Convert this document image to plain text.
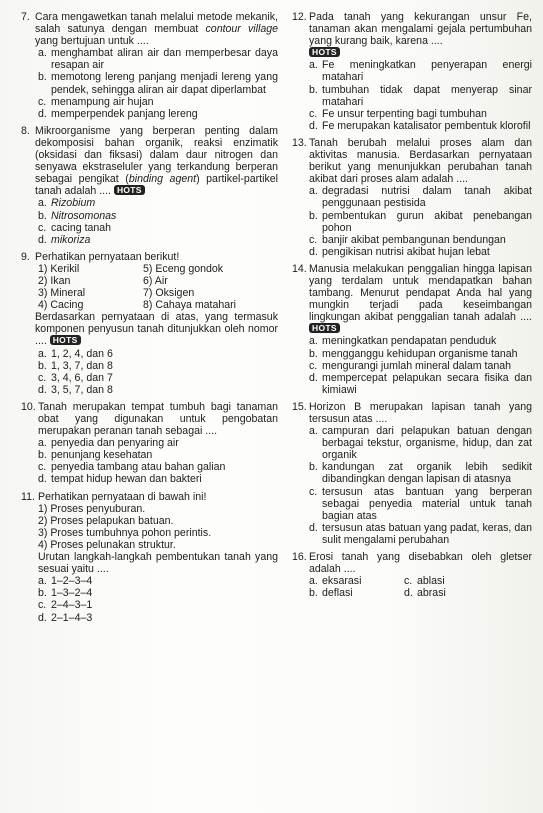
7. Cara mengawetkan tanah melalui metode mekanik, salah satunya dengan membuat contour village yang bertujuan untuk ....
a. menghambat aliran air dan memperbesar daya resapan air
b. memotong lereng panjang menjadi lereng yang pendek, sehingga aliran air dapat diperlambat
c. menampung air hujan
d. memperpendek panjang lereng
8. Mikroorganisme yang berperan penting dalam dekomposisi bahan organik, reaksi enzimatik (oksidasi dan fiksasi) dalam daur nitrogen dan senyawa ekstraseluler yang terkandung berperan sebagai pengikat (binding agent) partikel-partikel tanah adalah .... HOTS
a. Rizobium
b. Nitrosomonas
c. cacing tanah
d. mikoriza
9. Perhatikan pernyataan berikut!
1) Kerikil	5) Eceng gondok
2) Ikan	6) Air
3) Mineral	7) Oksigen
4) Cacing	8) Cahaya matahari
Berdasarkan pernyataan di atas, yang termasuk komponen penyusun tanah ditunjukkan oleh nomor .... HOTS
a. 1, 2, 4, dan 6
b. 1, 3, 7, dan 8
c. 3, 4, 6, dan 7
d. 3, 5, 7, dan 8
10. Tanah merupakan tempat tumbuh bagi tanaman obat yang digunakan untuk pengobatan merupakan peranan tanah sebagai ....
a. penyedia dan penyaring air
b. penunjang kesehatan
c. penyedia tambang atau bahan galian
d. tempat hidup hewan dan bakteri
11. Perhatikan pernyataan di bawah ini!
1) Proses penyuburan.
2) Proses pelapukan batuan.
3) Proses tumbuhnya pohon perintis.
4) Proses pelunakan struktur.
Urutan langkah-langkah pembentukan tanah yang sesuai yaitu ....
a. 1–2–3–4
b. 1–3–2–4
c. 2–4–3–1
d. 2–1–4–3
12. Pada tanah yang kekurangan unsur Fe, tanaman akan mengalami gejala pertumbuhan yang kurang baik, karena ....
HOTS
a. Fe meningkatkan penyerapan energi matahari
b. tumbuhan tidak dapat menyerap sinar matahari
c. Fe unsur terpenting bagi tumbuhan
d. Fe merupakan katalisator pembentuk klorofil
13. Tanah berubah melalui proses alam dan aktivitas manusia. Berdasarkan pernyataan berikut yang menunjukkan perubahan tanah akibat dari proses alam adalah ....
a. degradasi nutrisi dalam tanah akibat penggunaan pestisida
b. pembentukan gurun akibat penebangan pohon
c. banjir akibat pembangunan bendungan
d. pengikisan nutrisi akibat hujan lebat
14. Manusia melakukan penggalian hingga lapisan yang terdalam untuk mendapatkan bahan tambang. Menurut pendapat Anda hal yang mungkin terjadi pada keseimbangan lingkungan akibat penggalian tanah adalah .... HOTS
a. meningkatkan pendapatan penduduk
b. mengganggu kehidupan organisme tanah
c. mengurangi jumlah mineral dalam tanah
d. mempercepat pelapukan secara fisika dan kimiawi
15. Horizon B merupakan lapisan tanah yang tersusun atas ....
a. campuran dari pelapukan batuan dengan berbagai tekstur, organisme, hidup, dan zat organik
b. kandungan zat organik lebih sedikit dibandingkan dengan lapisan di atasnya
c. tersusun atas bantuan yang berperan sebagai penyedia material untuk tanah bagian atas
d. tersusun atas batuan yang padat, keras, dan sulit mengalami perubahan
16. Erosi tanah yang disebabkan oleh gletser adalah ....
a. eksarasi	c. ablasi
b. deflasi	d. abrasi
